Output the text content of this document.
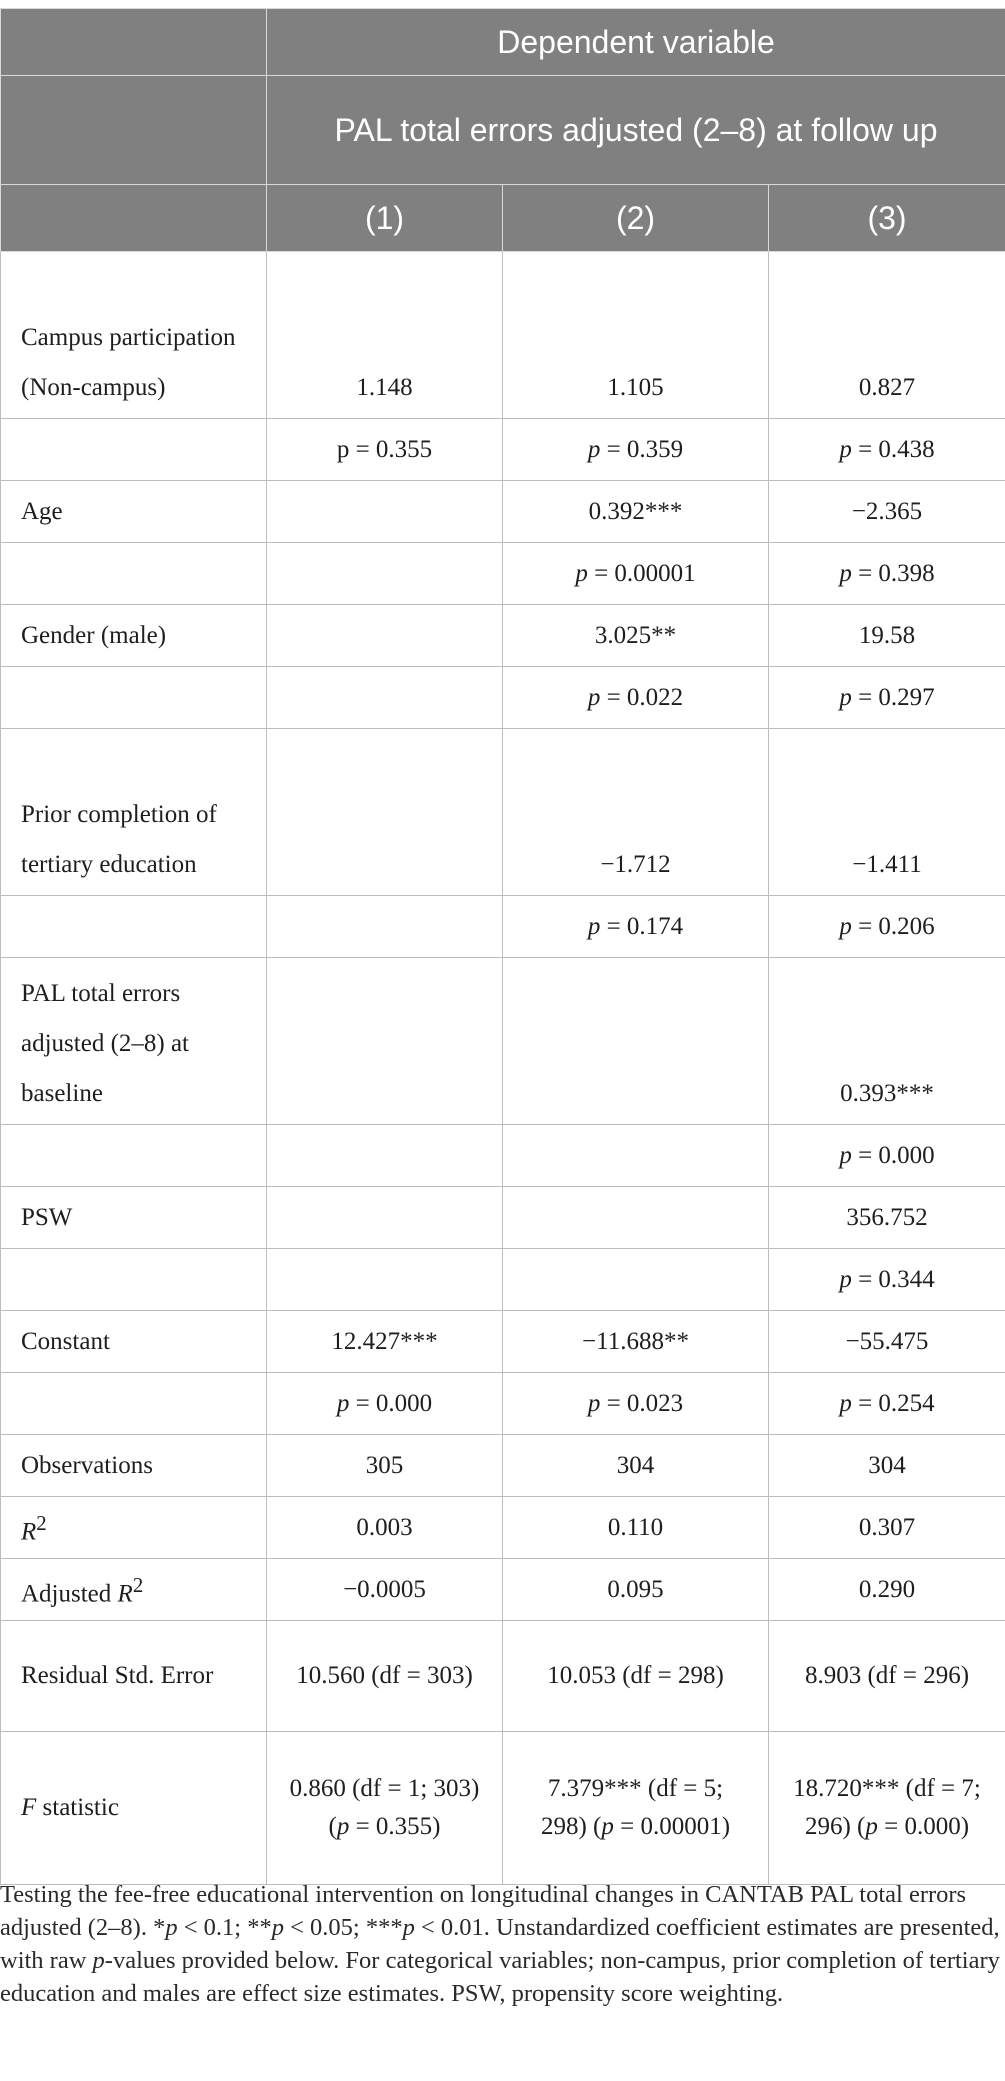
	Dependent variable		
	PAL total errors adjusted (2–8) at follow up		
	(1)	(2)	(3)
Campus participation (Non-campus)	1.148	1.105	0.827
	p = 0.355	p = 0.359	p = 0.438
Age		0.392***	−2.365
		p = 0.00001	p = 0.398
Gender (male)		3.025**	19.58
		p = 0.022	p = 0.297
Prior completion of tertiary education		−1.712	−1.411
		p = 0.174	p = 0.206
PAL total errors adjusted (2–8) at baseline			0.393***
			p = 0.000
PSW			356.752
			p = 0.344
Constant	12.427***	−11.688**	−55.475
	p = 0.000	p = 0.023	p = 0.254
Observations	305	304	304
$R^2$	0.003	0.110	0.307
Adjusted $R^2$	−0.0005	0.095	0.290
Residual Std. Error	10.560 (df = 303)	10.053 (df = 298)	8.903 (df = 296)
F statistic	0.860 (df = 1; 303) (p = 0.355)	7.379*** (df = 5; 298) (p = 0.00001)	18.720*** (df = 7; 296) (p = 0.000)
Testing the fee-free educational intervention on longitudinal changes in CANTAB PAL total errors adjusted (2–8). *p < 0.1; **p < 0.05; ***p < 0.01. Unstandardized coefficient estimates are presented, with raw p-values provided below. For categorical variables; non-campus, prior completion of tertiary education and males are effect size estimates. PSW, propensity score weighting.
